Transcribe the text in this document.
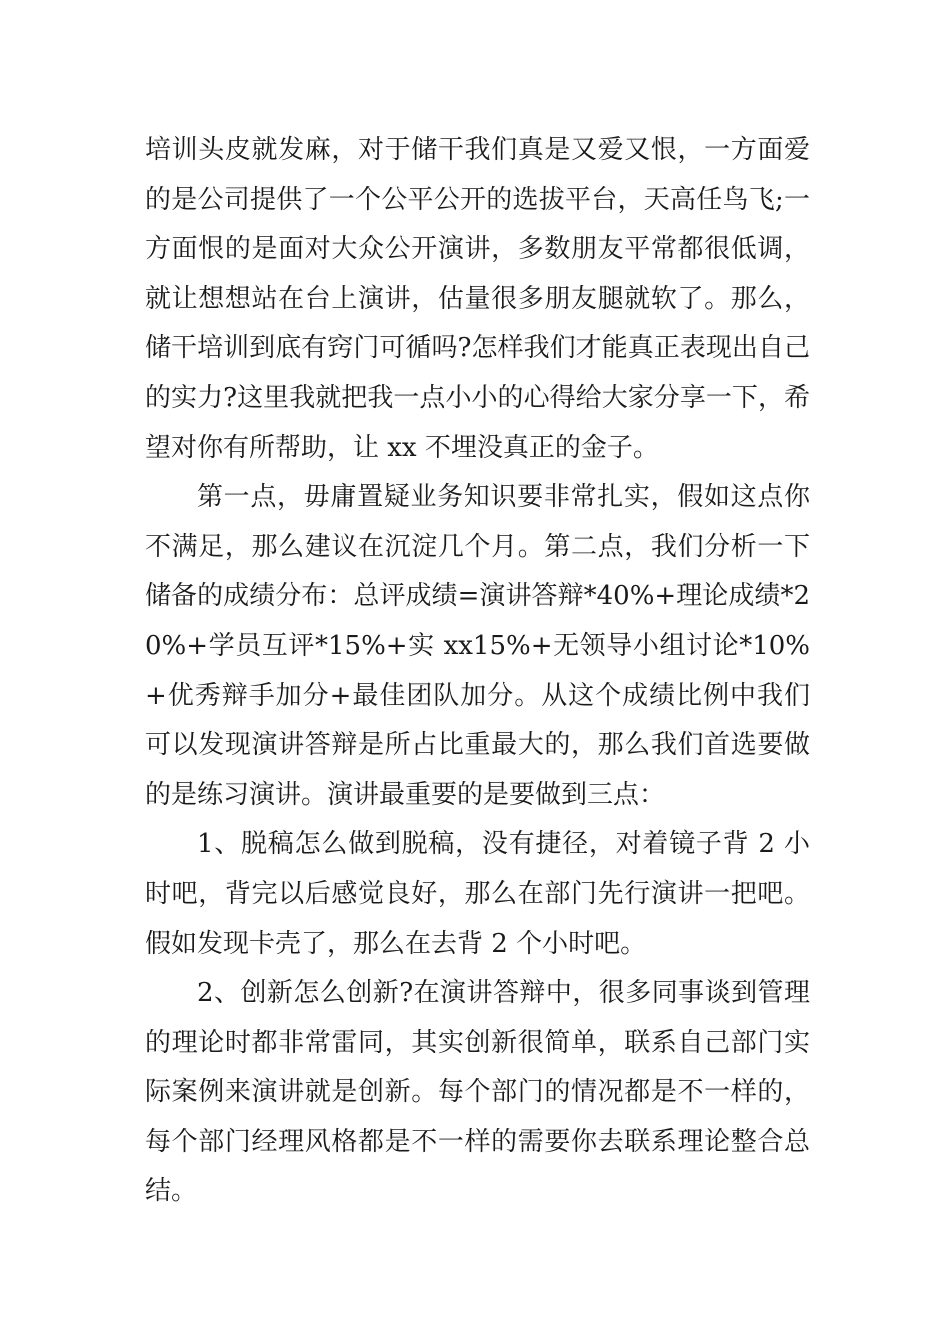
培训头皮就发麻，对于储干我们真是又爱又恨，一方面爱的是公司提供了一个公平公开的选拔平台，天高任鸟飞;一方面恨的是面对大众公开演讲，多数朋友平常都很低调，就让想想站在台上演讲，估量很多朋友腿就软了。那么，储干培训到底有窍门可循吗?怎样我们才能真正表现出自己的实力?这里我就把我一点小小的心得给大家分享一下，希望对你有所帮助，让 xx 不埋没真正的金子。

第一点，毋庸置疑业务知识要非常扎实，假如这点你不满足，那么建议在沉淀几个月。第二点，我们分析一下储备的成绩分布：总评成绩=演讲答辩*40%+理论成绩*20%+学员互评*15%+实 xx15%+无领导小组讨论*10%+优秀辩手加分+最佳团队加分。从这个成绩比例中我们可以发现演讲答辩是所占比重最大的，那么我们首选要做的是练习演讲。演讲最重要的是要做到三点：

1、脱稿怎么做到脱稿，没有捷径，对着镜子背 2 小时吧，背完以后感觉良好，那么在部门先行演讲一把吧。假如发现卡壳了，那么在去背 2 个小时吧。

2、创新怎么创新?在演讲答辩中，很多同事谈到管理的理论时都非常雷同，其实创新很简单，联系自己部门实际案例来演讲就是创新。每个部门的情况都是不一样的，每个部门经理风格都是不一样的需要你去联系理论整合总结。
